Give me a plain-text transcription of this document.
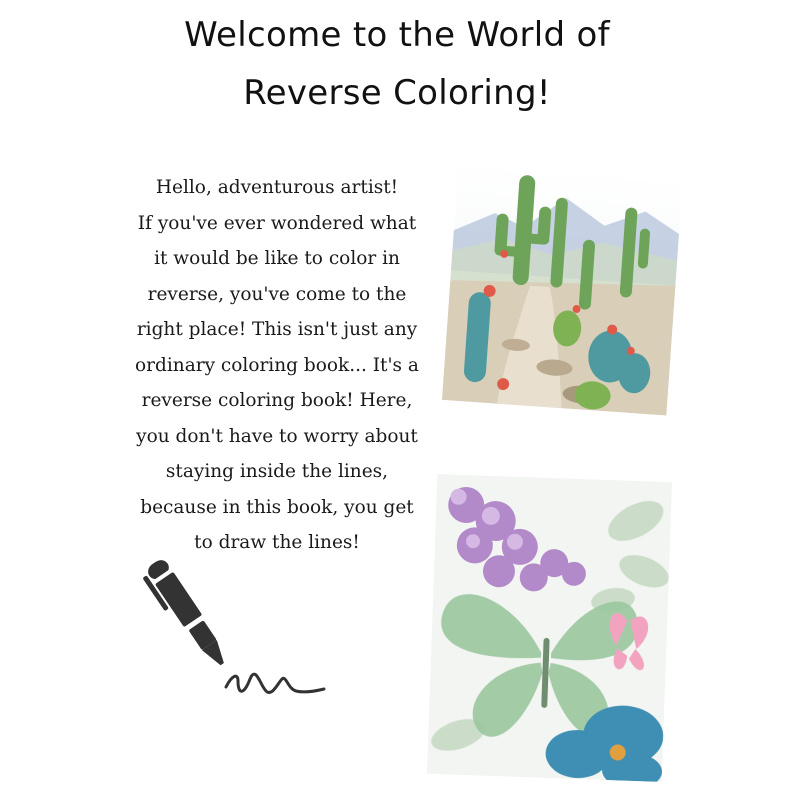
Welcome to the World of
Reverse Coloring!
Hello, adventurous artist!
If you've ever wondered what
it would be like to color in
reverse, you've come to the
right place! This isn't just any
ordinary coloring book... It's a
reverse coloring book! Here,
you don't have to worry about
staying inside the lines,
because in this book, you get
to draw the lines!
